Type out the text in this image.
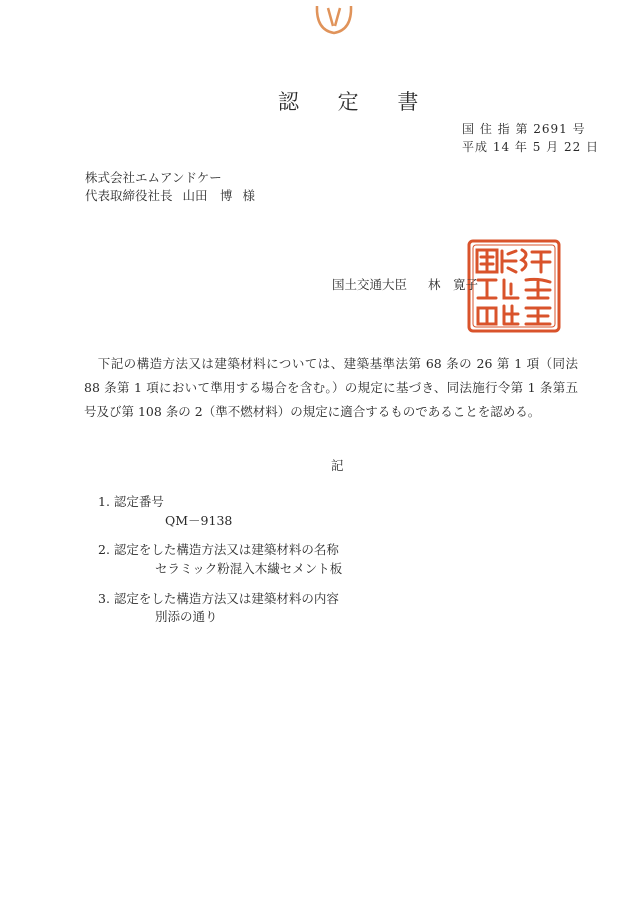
認 定 書
国 住 指 第 2691 号
平成 14 年 5 月 22 日
株式会社エムアンドケー
代表取締役社長 山田　博 様
国土交通大臣 林　寛子
下記の構造方法又は建築材料については、建築基準法第 68 条の 26 第 1 項（同法 88 条第 1 項において準用する場合を含む。）の規定に基づき、同法施行令第 1 条第五号及び第 108 条の 2（準不燃材料）の規定に適合するものであることを認める。
記
1. 認定番号
QM－9138
2. 認定をした構造方法又は建築材料の名称
セラミック粉混入木繊セメント板
3. 認定をした構造方法又は建築材料の内容
別添の通り
